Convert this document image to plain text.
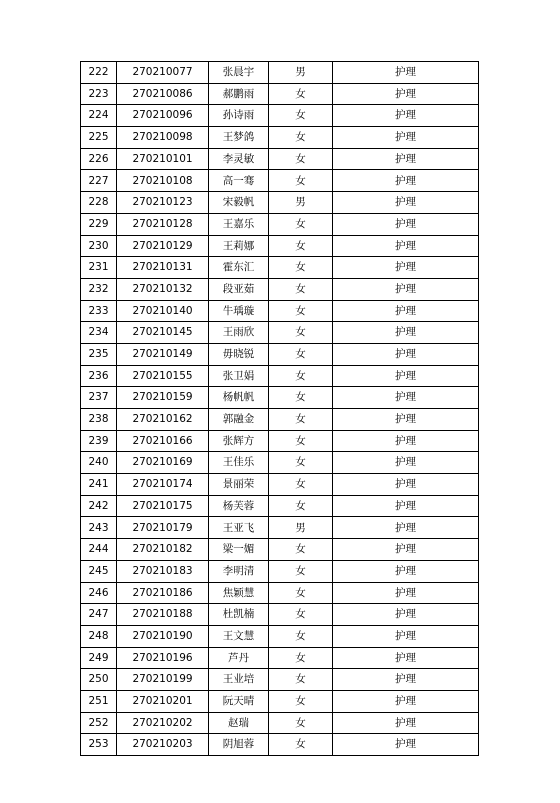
222	270210077	张晨宇	男	护理
223	270210086	郝鹏雨	女	护理
224	270210096	孙诗雨	女	护理
225	270210098	王梦鸽	女	护理
226	270210101	李灵敏	女	护理
227	270210108	高一骞	女	护理
228	270210123	宋毅帆	男	护理
229	270210128	王嘉乐	女	护理
230	270210129	王莉娜	女	护理
231	270210131	霍东汇	女	护理
232	270210132	段亚茹	女	护理
233	270210140	牛瑀璇	女	护理
234	270210145	王雨欣	女	护理
235	270210149	毋晓锐	女	护理
236	270210155	张卫娟	女	护理
237	270210159	杨帆帆	女	护理
238	270210162	郭融金	女	护理
239	270210166	张辉方	女	护理
240	270210169	王佳乐	女	护理
241	270210174	景丽荣	女	护理
242	270210175	杨芙蓉	女	护理
243	270210179	王亚飞	男	护理
244	270210182	梁一媚	女	护理
245	270210183	李明清	女	护理
246	270210186	焦颖慧	女	护理
247	270210188	杜凯楠	女	护理
248	270210190	王文慧	女	护理
249	270210196	芦丹	女	护理
250	270210199	王业培	女	护理
251	270210201	阮天晴	女	护理
252	270210202	赵瑞	女	护理
253	270210203	阴旭蓉	女	护理
